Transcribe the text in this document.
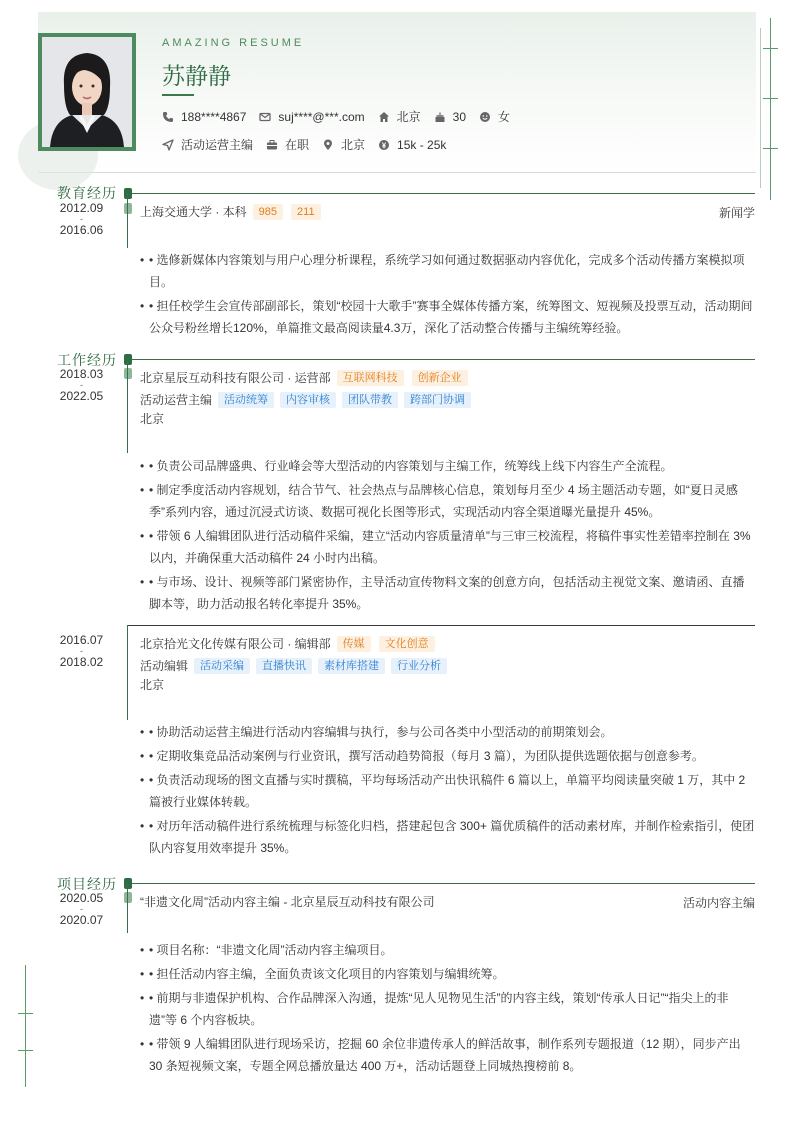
AMAZING RESUME
苏静静
188****4867	suj****@***.com	北京	30	女
活动运营主编	在职	北京	15k - 25k
教育经历
2012.09
-
2016.06
上海交通大学 · 本科	985	211	新闻学
• • 选修新媒体内容策划与用户心理分析课程，系统学习如何通过数据驱动内容优化，完成多个活动传播方案模拟项目。
• • 担任校学生会宣传部副部长，策划“校园十大歌手”赛事全媒体传播方案，统筹图文、短视频及投票互动，活动期间公众号粉丝增长120%，单篇推文最高阅读量4.3万，深化了活动整合传播与主编统筹经验。
工作经历
2018.03
-
2022.05
北京星辰互动科技有限公司 · 运营部	互联网科技	创新企业
活动运营主编	活动统筹	内容审核	团队带教	跨部门协调
北京
• • 负责公司品牌盛典、行业峰会等大型活动的内容策划与主编工作，统筹线上线下内容生产全流程。
• • 制定季度活动内容规划，结合节气、社会热点与品牌核心信息，策划每月至少 4 场主题活动专题，如“夏日灵感季”系列内容，通过沉浸式访谈、数据可视化长图等形式，实现活动内容全渠道曝光量提升 45%。
• • 带领 6 人编辑团队进行活动稿件采编，建立“活动内容质量清单”与三审三校流程，将稿件事实性差错率控制在 3% 以内，并确保重大活动稿件 24 小时内出稿。
• • 与市场、设计、视频等部门紧密协作，主导活动宣传物料文案的创意方向，包括活动主视觉文案、邀请函、直播脚本等，助力活动报名转化率提升 35%。
2016.07
-
2018.02
北京拾光文化传媒有限公司 · 编辑部	传媒	文化创意
活动编辑	活动采编	直播快讯	素材库搭建	行业分析
北京
• • 协助活动运营主编进行活动内容编辑与执行，参与公司各类中小型活动的前期策划会。
• • 定期收集竞品活动案例与行业资讯，撰写活动趋势简报（每月 3 篇），为团队提供选题依据与创意参考。
• • 负责活动现场的图文直播与实时撰稿，平均每场活动产出快讯稿件 6 篇以上，单篇平均阅读量突破 1 万，其中 2 篇被行业媒体转载。
• • 对历年活动稿件进行系统梳理与标签化归档，搭建起包含 300+ 篇优质稿件的活动素材库，并制作检索指引，使团队内容复用效率提升 35%。
项目经历
2020.05
-
2020.07
“非遗文化周”活动内容主编 - 北京星辰互动科技有限公司	活动内容主编
• • 项目名称：“非遗文化周”活动内容主编项目。
• • 担任活动内容主编，全面负责该文化项目的内容策划与编辑统筹。
• • 前期与非遗保护机构、合作品牌深入沟通，提炼“见人见物见生活”的内容主线，策划“传承人日记”“指尖上的非遗”等 6 个内容板块。
• • 带领 9 人编辑团队进行现场采访，挖掘 60 余位非遗传承人的鲜活故事，制作系列专题报道（12 期），同步产出 30 条短视频文案，专题全网总播放量达 400 万+，活动话题登上同城热搜榜前 8。
